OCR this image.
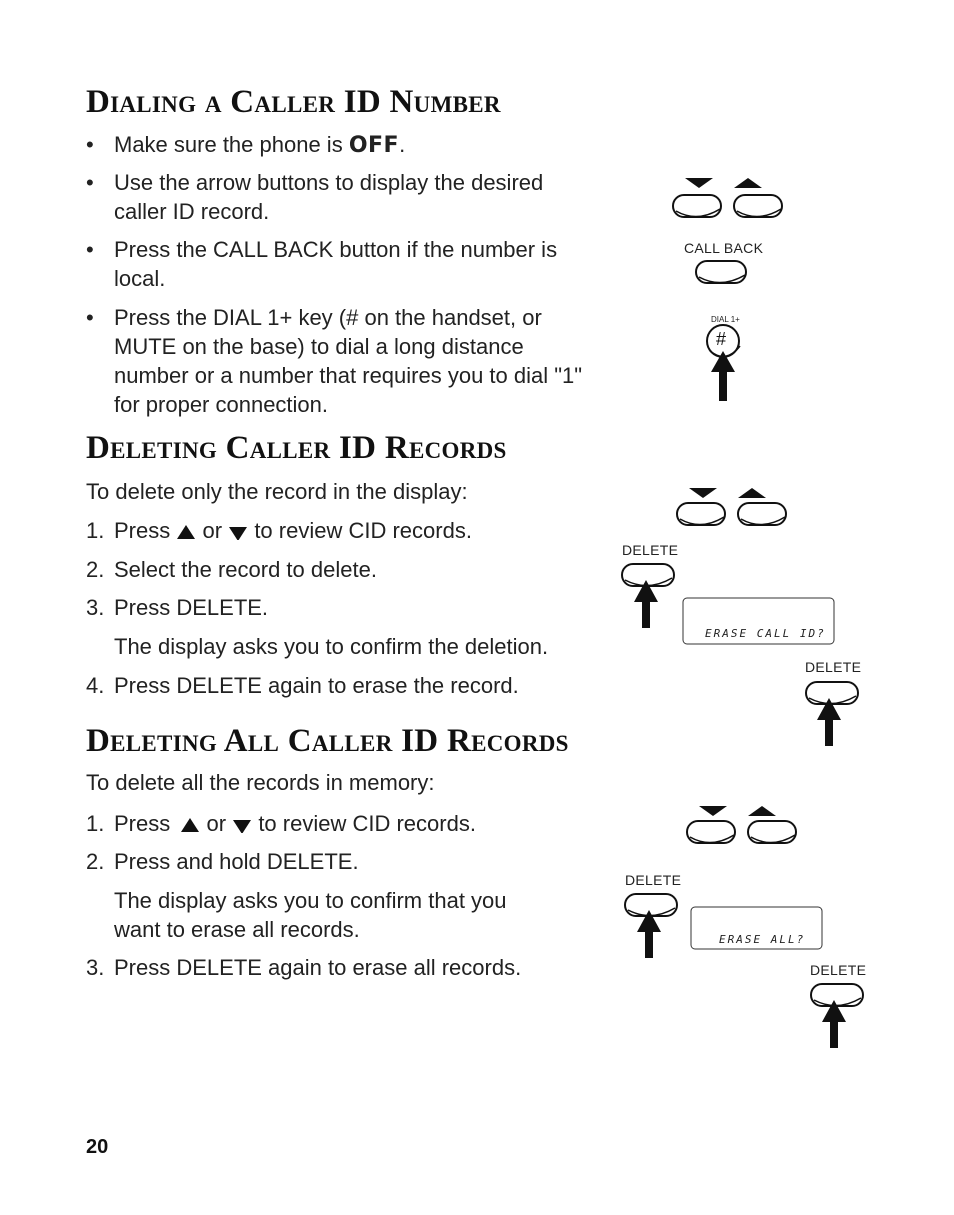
Dialing a Caller ID Number
• Make sure the phone is OFF.
• Use the arrow buttons to display the desired caller ID record.
• Press the CALL BACK button if the number is local.
• Press the DIAL 1+ key (# on the handset, or MUTE on the base) to dial a long distance number or a number that requires you to dial "1" for proper connection.
Deleting Caller ID Records

To delete only the record in the display:

1. Press or to review CID records.
2. Select the record to delete.
3. Press DELETE.
The display asks you to confirm the deletion.
4. Press DELETE again to erase the record.
Deleting All Caller ID Records

To delete all the records in memory:

1. Press or to review CID records.
2. Press and hold DELETE.
The display asks you to confirm that you want to erase all records.
3. Press DELETE again to erase all records.
CALL BACK
DIAL 1+
#
DELETE
ERASE CALL ID?
DELETE
DELETE
ERASE ALL?
DELETE
20
